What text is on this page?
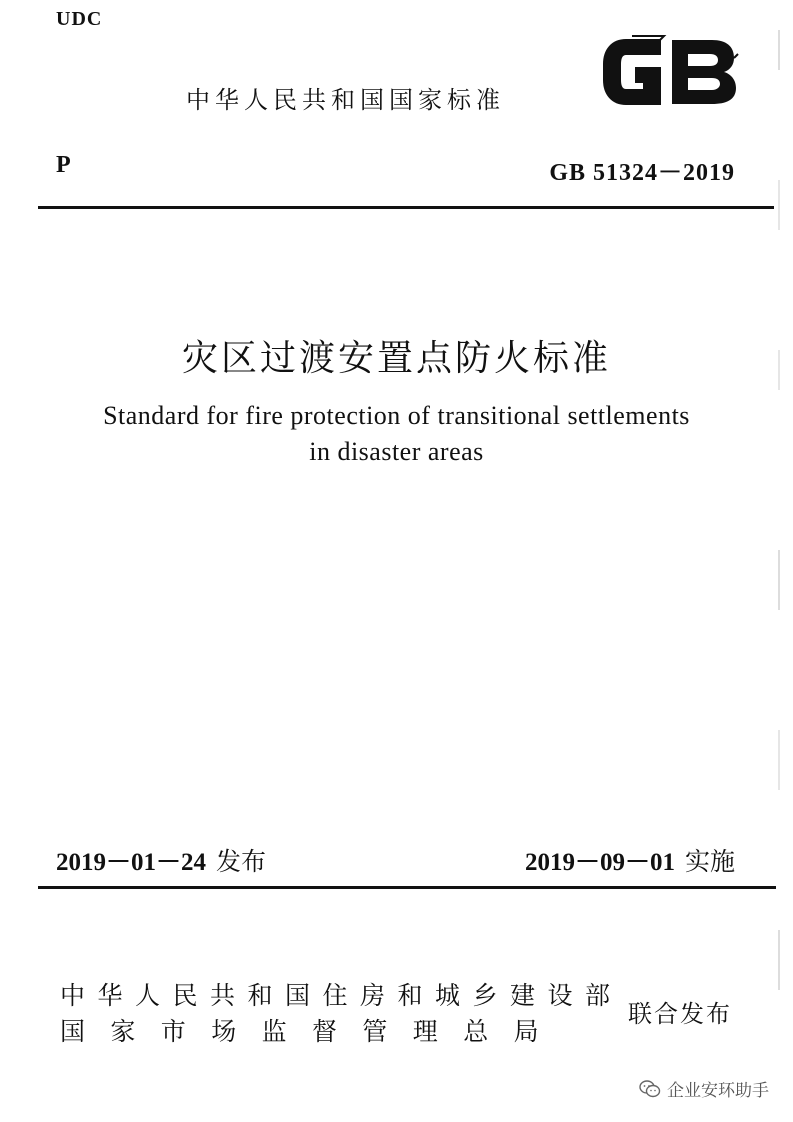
UDC
中华人民共和国国家标准
P	GB 51324－2019
灾区过渡安置点防火标准
Standard for fire protection of transitional settlements
in disaster areas
2019－01－24 发布	2019－09－01 实施
中华人民共和国住房和城乡建设部
国家市场监督管理总局
联合发布
企业安环助手
